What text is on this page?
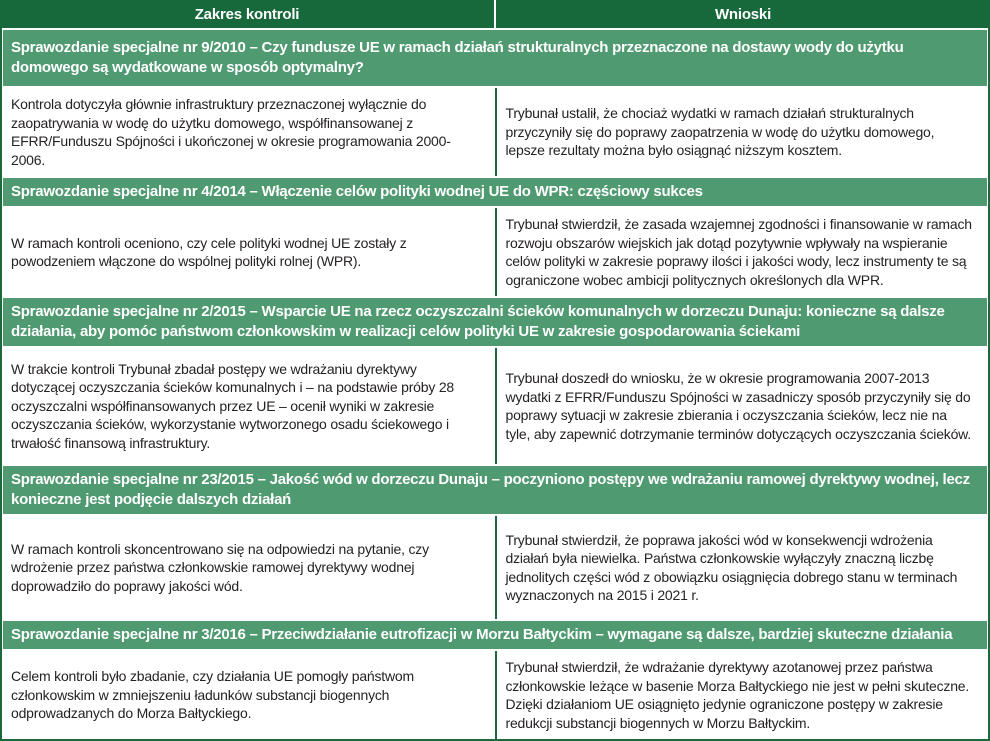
Zakres kontroli	Wnioski
Sprawozdanie specjalne nr 9/2010 – Czy fundusze UE w ramach działań strukturalnych przeznaczone na dostawy wody do użytku domowego są wydatkowane w sposób optymalny?

Kontrola dotyczyła głównie infrastruktury przeznaczonej wyłącznie do zaopatrywania w wodę do użytku domowego, współfinansowanej z EFRR/Funduszu Spójności i ukończonej w okresie programowania 2000-2006.

Trybunał ustalił, że chociaż wydatki w ramach działań strukturalnych przyczyniły się do poprawy zaopatrzenia w wodę do użytku domowego, lepsze rezultaty można było osiągnąć niższym kosztem.

Sprawozdanie specjalne nr 4/2014 – Włączenie celów polityki wodnej UE do WPR: częściowy sukces

W ramach kontroli oceniono, czy cele polityki wodnej UE zostały z powodzeniem włączone do wspólnej polityki rolnej (WPR).

Trybunał stwierdził, że zasada wzajemnej zgodności i finansowanie w ramach rozwoju obszarów wiejskich jak dotąd pozytywnie wpływały na wspieranie celów polityki w zakresie poprawy ilości i jakości wody, lecz instrumenty te są ograniczone wobec ambicji politycznych określonych dla WPR.

Sprawozdanie specjalne nr 2/2015 – Wsparcie UE na rzecz oczyszczalni ścieków komunalnych w dorzeczu Dunaju: konieczne są dalsze działania, aby pomóc państwom członkowskim w realizacji celów polityki UE w zakresie gospodarowania ściekami

W trakcie kontroli Trybunał zbadał postępy we wdrażaniu dyrektywy dotyczącej oczyszczania ścieków komunalnych i – na podstawie próby 28 oczyszczalni współfinansowanych przez UE – ocenił wyniki w zakresie oczyszczania ścieków, wykorzystanie wytworzonego osadu ściekowego i trwałość finansową infrastruktury.

Trybunał doszedł do wniosku, że w okresie programowania 2007-2013 wydatki z EFRR/Funduszu Spójności w zasadniczy sposób przyczyniły się do poprawy sytuacji w zakresie zbierania i oczyszczania ścieków, lecz nie na tyle, aby zapewnić dotrzymanie terminów dotyczących oczyszczania ścieków.

Sprawozdanie specjalne nr 23/2015 – Jakość wód w dorzeczu Dunaju – poczyniono postępy we wdrażaniu ramowej dyrektywy wodnej, lecz konieczne jest podjęcie dalszych działań

W ramach kontroli skoncentrowano się na odpowiedzi na pytanie, czy wdrożenie przez państwa członkowskie ramowej dyrektywy wodnej doprowadziło do poprawy jakości wód.

Trybunał stwierdził, że poprawa jakości wód w konsekwencji wdrożenia działań była niewielka. Państwa członkowskie wyłączyły znaczną liczbę jednolitych części wód z obowiązku osiągnięcia dobrego stanu w terminach wyznaczonych na 2015 i 2021 r.

Sprawozdanie specjalne nr 3/2016 – Przeciwdziałanie eutrofizacji w Morzu Bałtyckim – wymagane są dalsze, bardziej skuteczne działania

Celem kontroli było zbadanie, czy działania UE pomogły państwom członkowskim w zmniejszeniu ładunków substancji biogennych odprowadzanych do Morza Bałtyckiego.

Trybunał stwierdził, że wdrażanie dyrektywy azotanowej przez państwa członkowskie leżące w basenie Morza Bałtyckiego nie jest w pełni skuteczne. Dzięki działaniom UE osiągnięto jedynie ograniczone postępy w zakresie redukcji substancji biogennych w Morzu Bałtyckim.
